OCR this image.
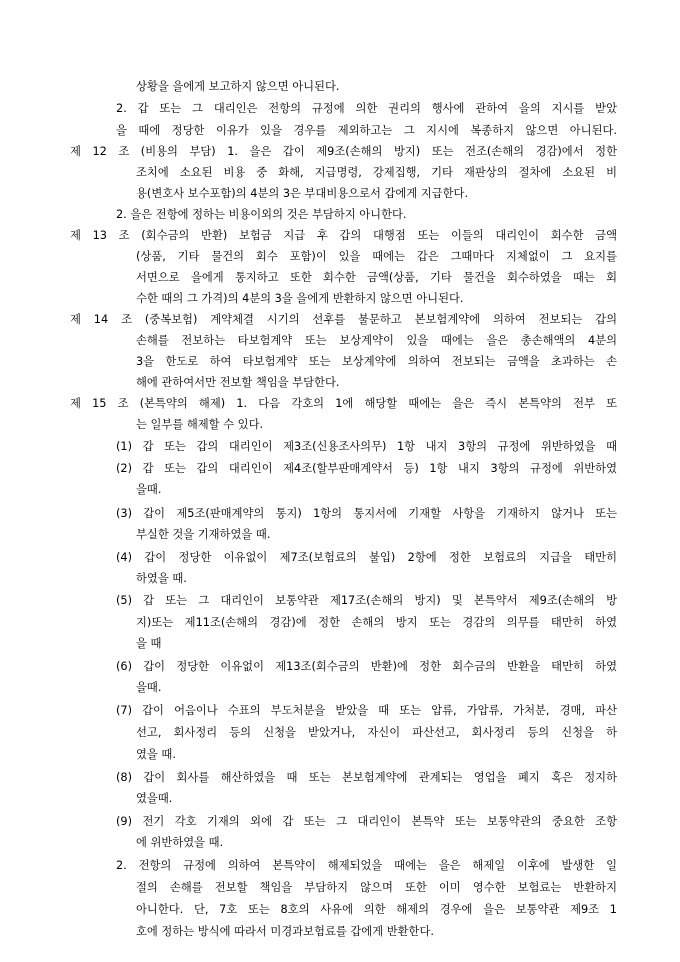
상황을 을에게 보고하지 않으면 아니된다.
2. 갑 또는 그 대리인은 전항의 규정에 의한 권리의 행사에 관하여 을의 지시를 받았
을 때에 정당한 이유가 있을 경우를 제외하고는 그 지시에 복종하지 않으면 아니된다.
제 12 조 (비용의 부담) 1. 을은 갑이 제9조(손해의 방지) 또는 전조(손해의 경감)에서 정한
조치에 소요된 비용 중 화해, 지급명령, 강제집행, 기타 재판상의 절차에 소요된 비
용(변호사 보수포함)의 4분의 3은 부대비용으로서 갑에게 지급한다.
2. 을은 전항에 정하는 비용이외의 것은 부담하지 아니한다.
제 13 조 (회수금의 반환) 보험금 지급 후 갑의 대행점 또는 이들의 대리인이 회수한 금액
(상품, 기타 물건의 회수 포함)이 있을 때에는 갑은 그때마다 지체없이 그 요지를
서면으로 을에게 통지하고 또한 회수한 금액(상품, 기타 물건을 회수하였을 때는 회
수한 때의 그 가격)의 4분의 3을 을에게 반환하지 않으면 아니된다.
제 14 조 (중복보험) 계약체결 시기의 선후를 불문하고 본보험계약에 의하여 전보되는 갑의
손해를 전보하는 타보험계약 또는 보상계약이 있을 때에는 을은 총손해액의 4분의
3을 한도로 하여 타보험계약 또는 보상계약에 의하여 전보되는 금액을 초과하는 손
해에 관하여서만 전보할 책임을 부담한다.
제 15 조 (본특약의 해제) 1. 다음 각호의 1에 해당할 때에는 을은 즉시 본특약의 전부 또
는 일부를 해제할 수 있다.
(1) 갑 또는 갑의 대리인이 제3조(신용조사의무) 1항 내지 3항의 규정에 위반하였을 때
(2) 갑 또는 갑의 대리인이 제4조(할부판매계약서 등) 1항 내지 3항의 규정에 위반하였
을때.
(3) 갑이 제5조(판매계약의 통지) 1항의 통지서에 기재할 사항을 기재하지 않거나 또는
부실한 것을 기재하였을 때.
(4) 갑이 정당한 이유없이 제7조(보험료의 불입) 2항에 정한 보험료의 지급을 태만히
하였을 때.
(5) 갑 또는 그 대리인이 보통약관 제17조(손해의 방지) 및 본특약서 제9조(손해의 방
지)또는 제11조(손해의 경감)에 정한 손해의 방지 또는 경감의 의무를 태만히 하였
을 때
(6) 갑이 정당한 이유없이 제13조(회수금의 반환)에 정한 회수금의 반환을 태만히 하였
을때.
(7) 갑이 어음이나 수표의 부도처분을 받았을 때 또는 압류, 가압류, 가처분, 경매, 파산
선고, 회사정리 등의 신청을 받았거나, 자신이 파산선고, 회사정리 등의 신청을 하
였을 때.
(8) 갑이 회사를 해산하였을 때 또는 본보험계약에 관계되는 영업을 폐지 혹은 정지하
였을때.
(9) 전기 각호 기재의 외에 갑 또는 그 대리인이 본특약 또는 보통약관의 중요한 조항
에 위반하였을 때.
2. 전항의 규정에 의하여 본특약이 해제되었을 때에는 을은 해제일 이후에 발생한 일
절의 손해를 전보할 책임을 부담하지 않으며 또한 이미 영수한 보험료는 반환하지
아니한다. 단, 7호 또는 8호의 사유에 의한 해제의 경우에 을은 보통약관 제9조 1
호에 정하는 방식에 따라서 미경과보험료를 갑에게 반환한다.
